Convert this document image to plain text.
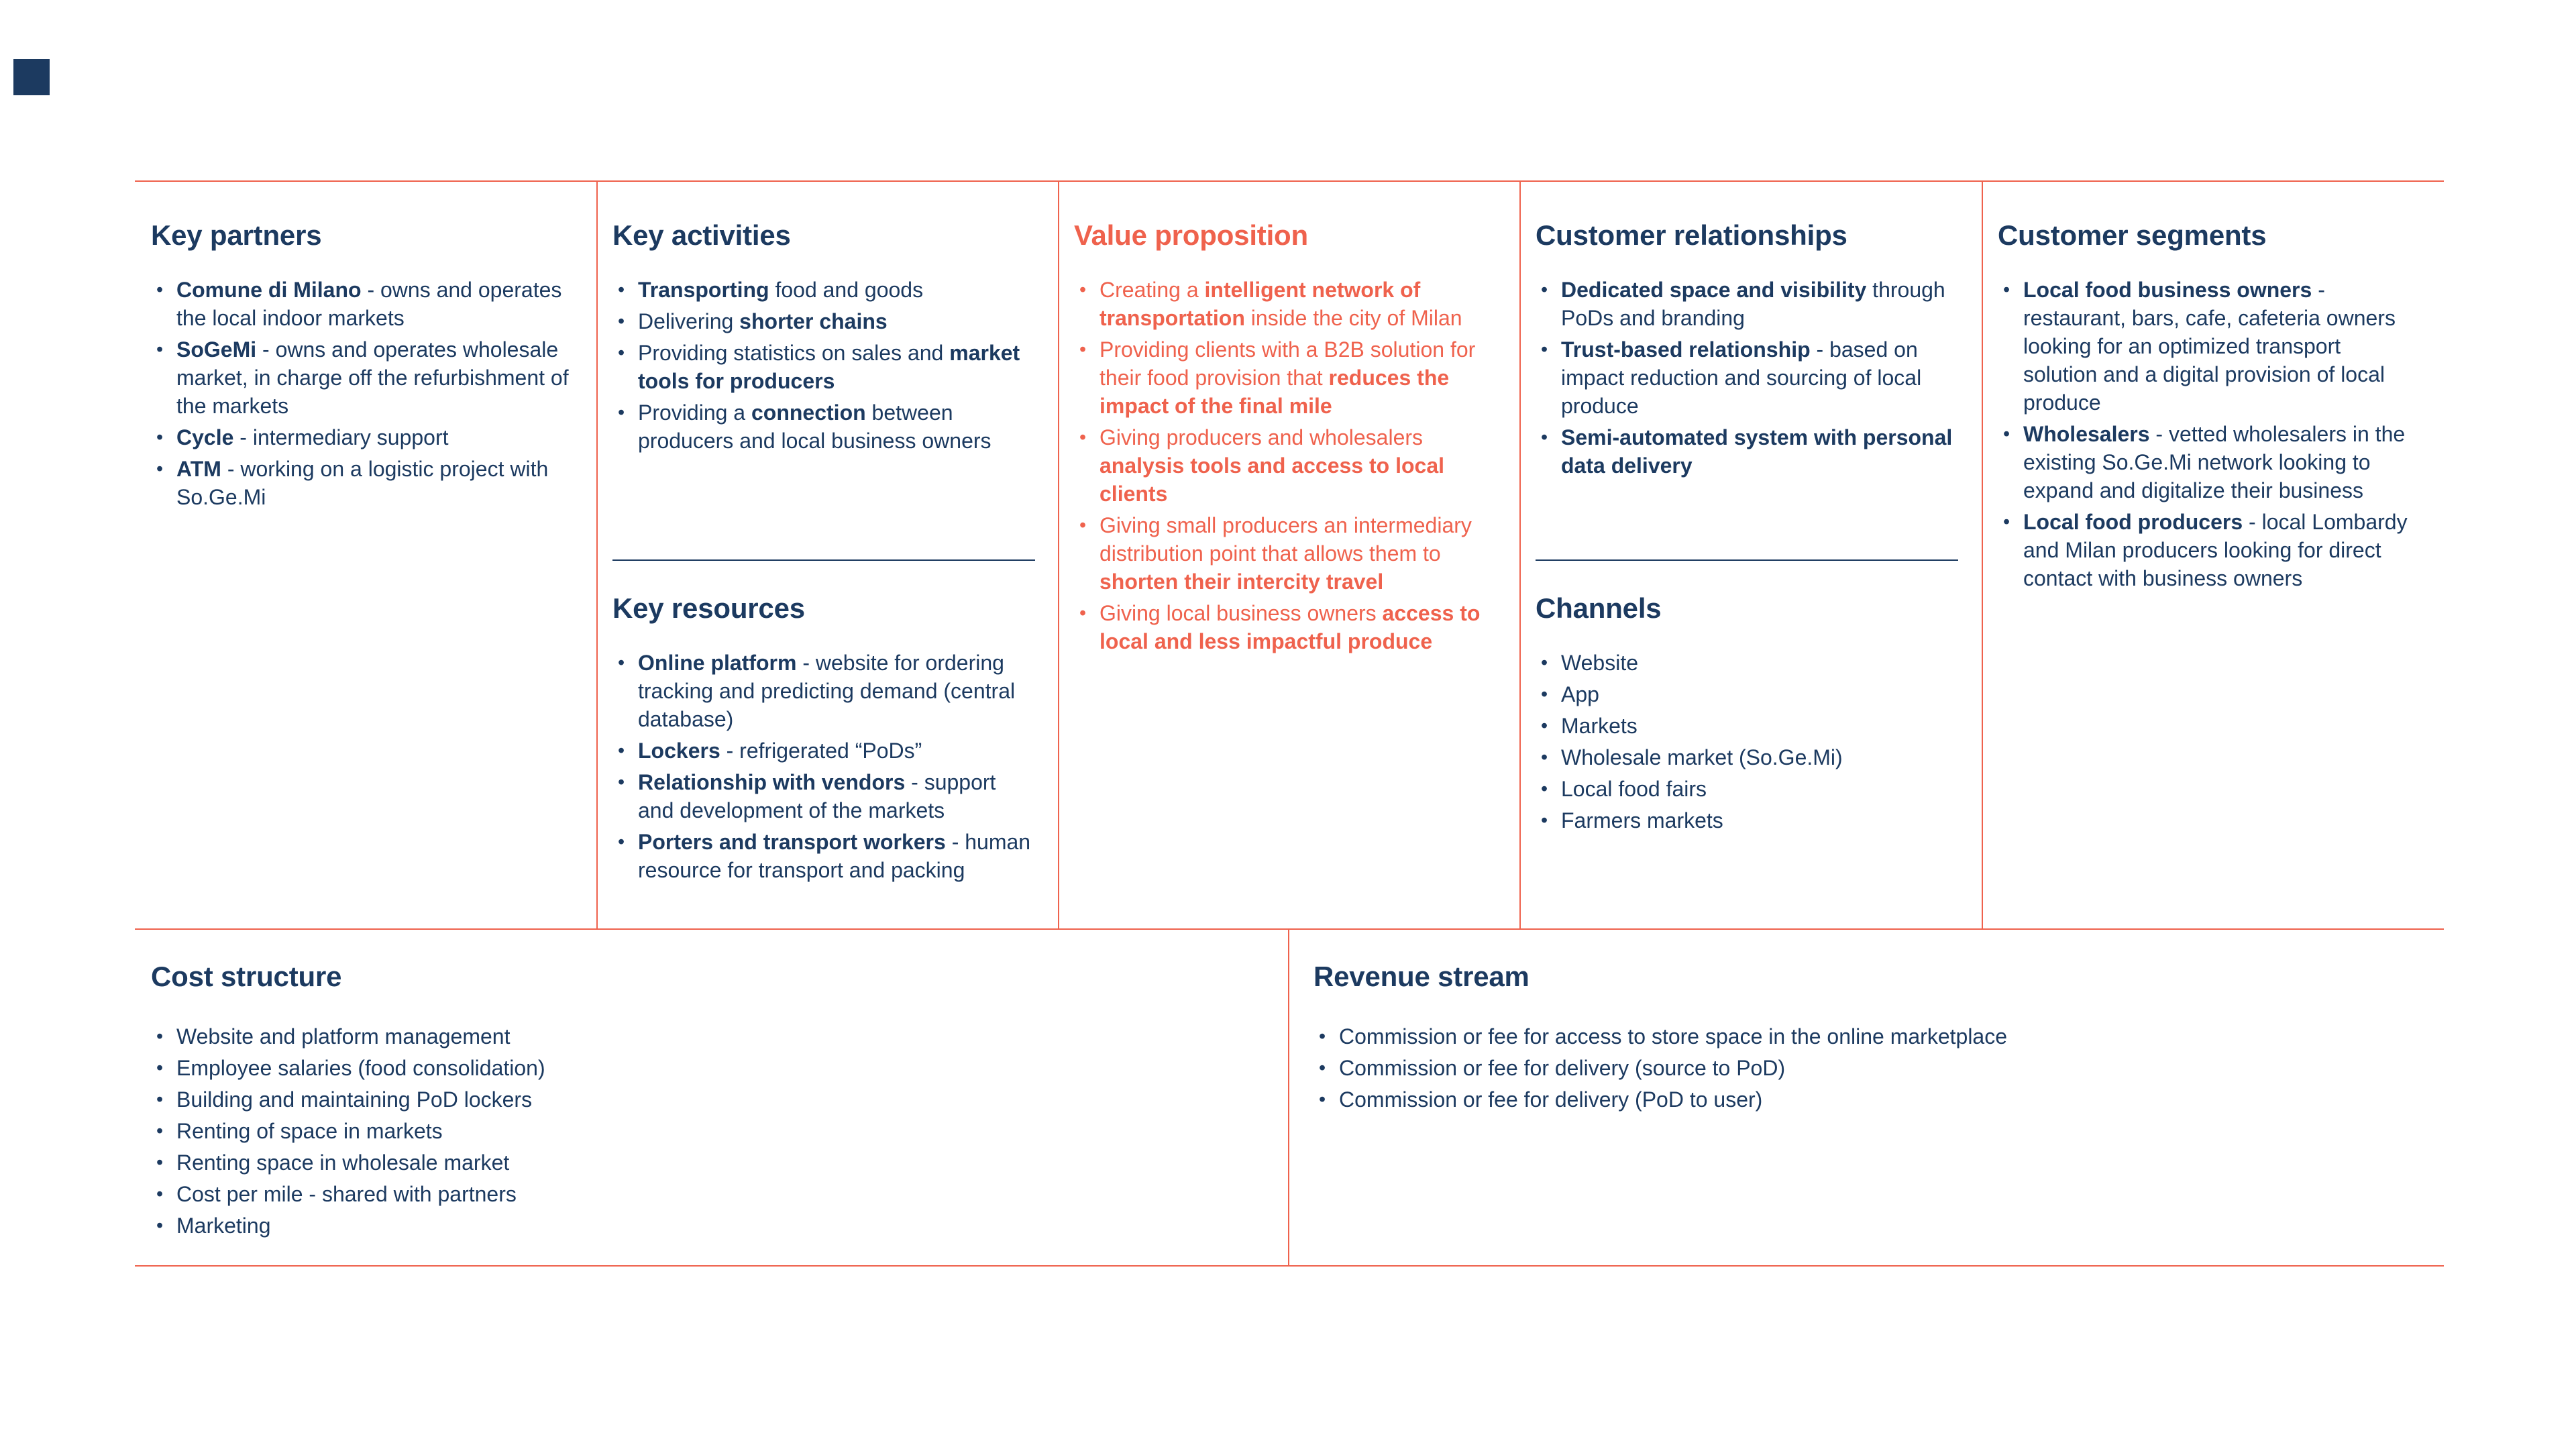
Key partners
• Comune di Milano - owns and operates the local indoor markets
• SoGeMi - owns and operates wholesale market, in charge off the refurbishment of the markets
• Cycle - intermediary support
• ATM - working on a logistic project with So.Ge.Mi
Key activities
• Transporting food and goods
• Delivering shorter chains
• Providing statistics on sales and market tools for producers
• Providing a connection between producers and local business owners
Key resources
• Online platform - website for ordering tracking and predicting demand (central database)
• Lockers - refrigerated “PoDs”
• Relationship with vendors - support and development of the markets
• Porters and transport workers - human resource for transport and packing
Value proposition
• Creating a intelligent network of transportation inside the city of Milan
• Providing clients with a B2B solution for their food provision that reduces the impact of the final mile
• Giving producers and wholesalers analysis tools and access to local clients
• Giving small producers an intermediary distribution point that allows them to shorten their intercity travel
• Giving local business owners access to local and less impactful produce
Customer relationships
• Dedicated space and visibility through PoDs and branding
• Trust-based relationship - based on impact reduction and sourcing of local produce
• Semi-automated system with personal data delivery
Channels
• Website
• App
• Markets
• Wholesale market (So.Ge.Mi)
• Local food fairs
• Farmers markets
Customer segments
• Local food business owners - restaurant, bars, cafe, cafeteria owners looking for an optimized transport solution and a digital provision of local produce
• Wholesalers - vetted wholesalers in the existing So.Ge.Mi network looking to expand and digitalize their business
• Local food producers - local Lombardy and Milan producers looking for direct contact with business owners
Cost structure
• Website and platform management
• Employee salaries (food consolidation)
• Building and maintaining PoD lockers
• Renting of space in markets
• Renting space in wholesale market
• Cost per mile - shared with partners
• Marketing
Revenue stream
• Commission or fee for access to store space in the online marketplace
• Commission or fee for delivery (source to PoD)
• Commission or fee for delivery (PoD to user)
